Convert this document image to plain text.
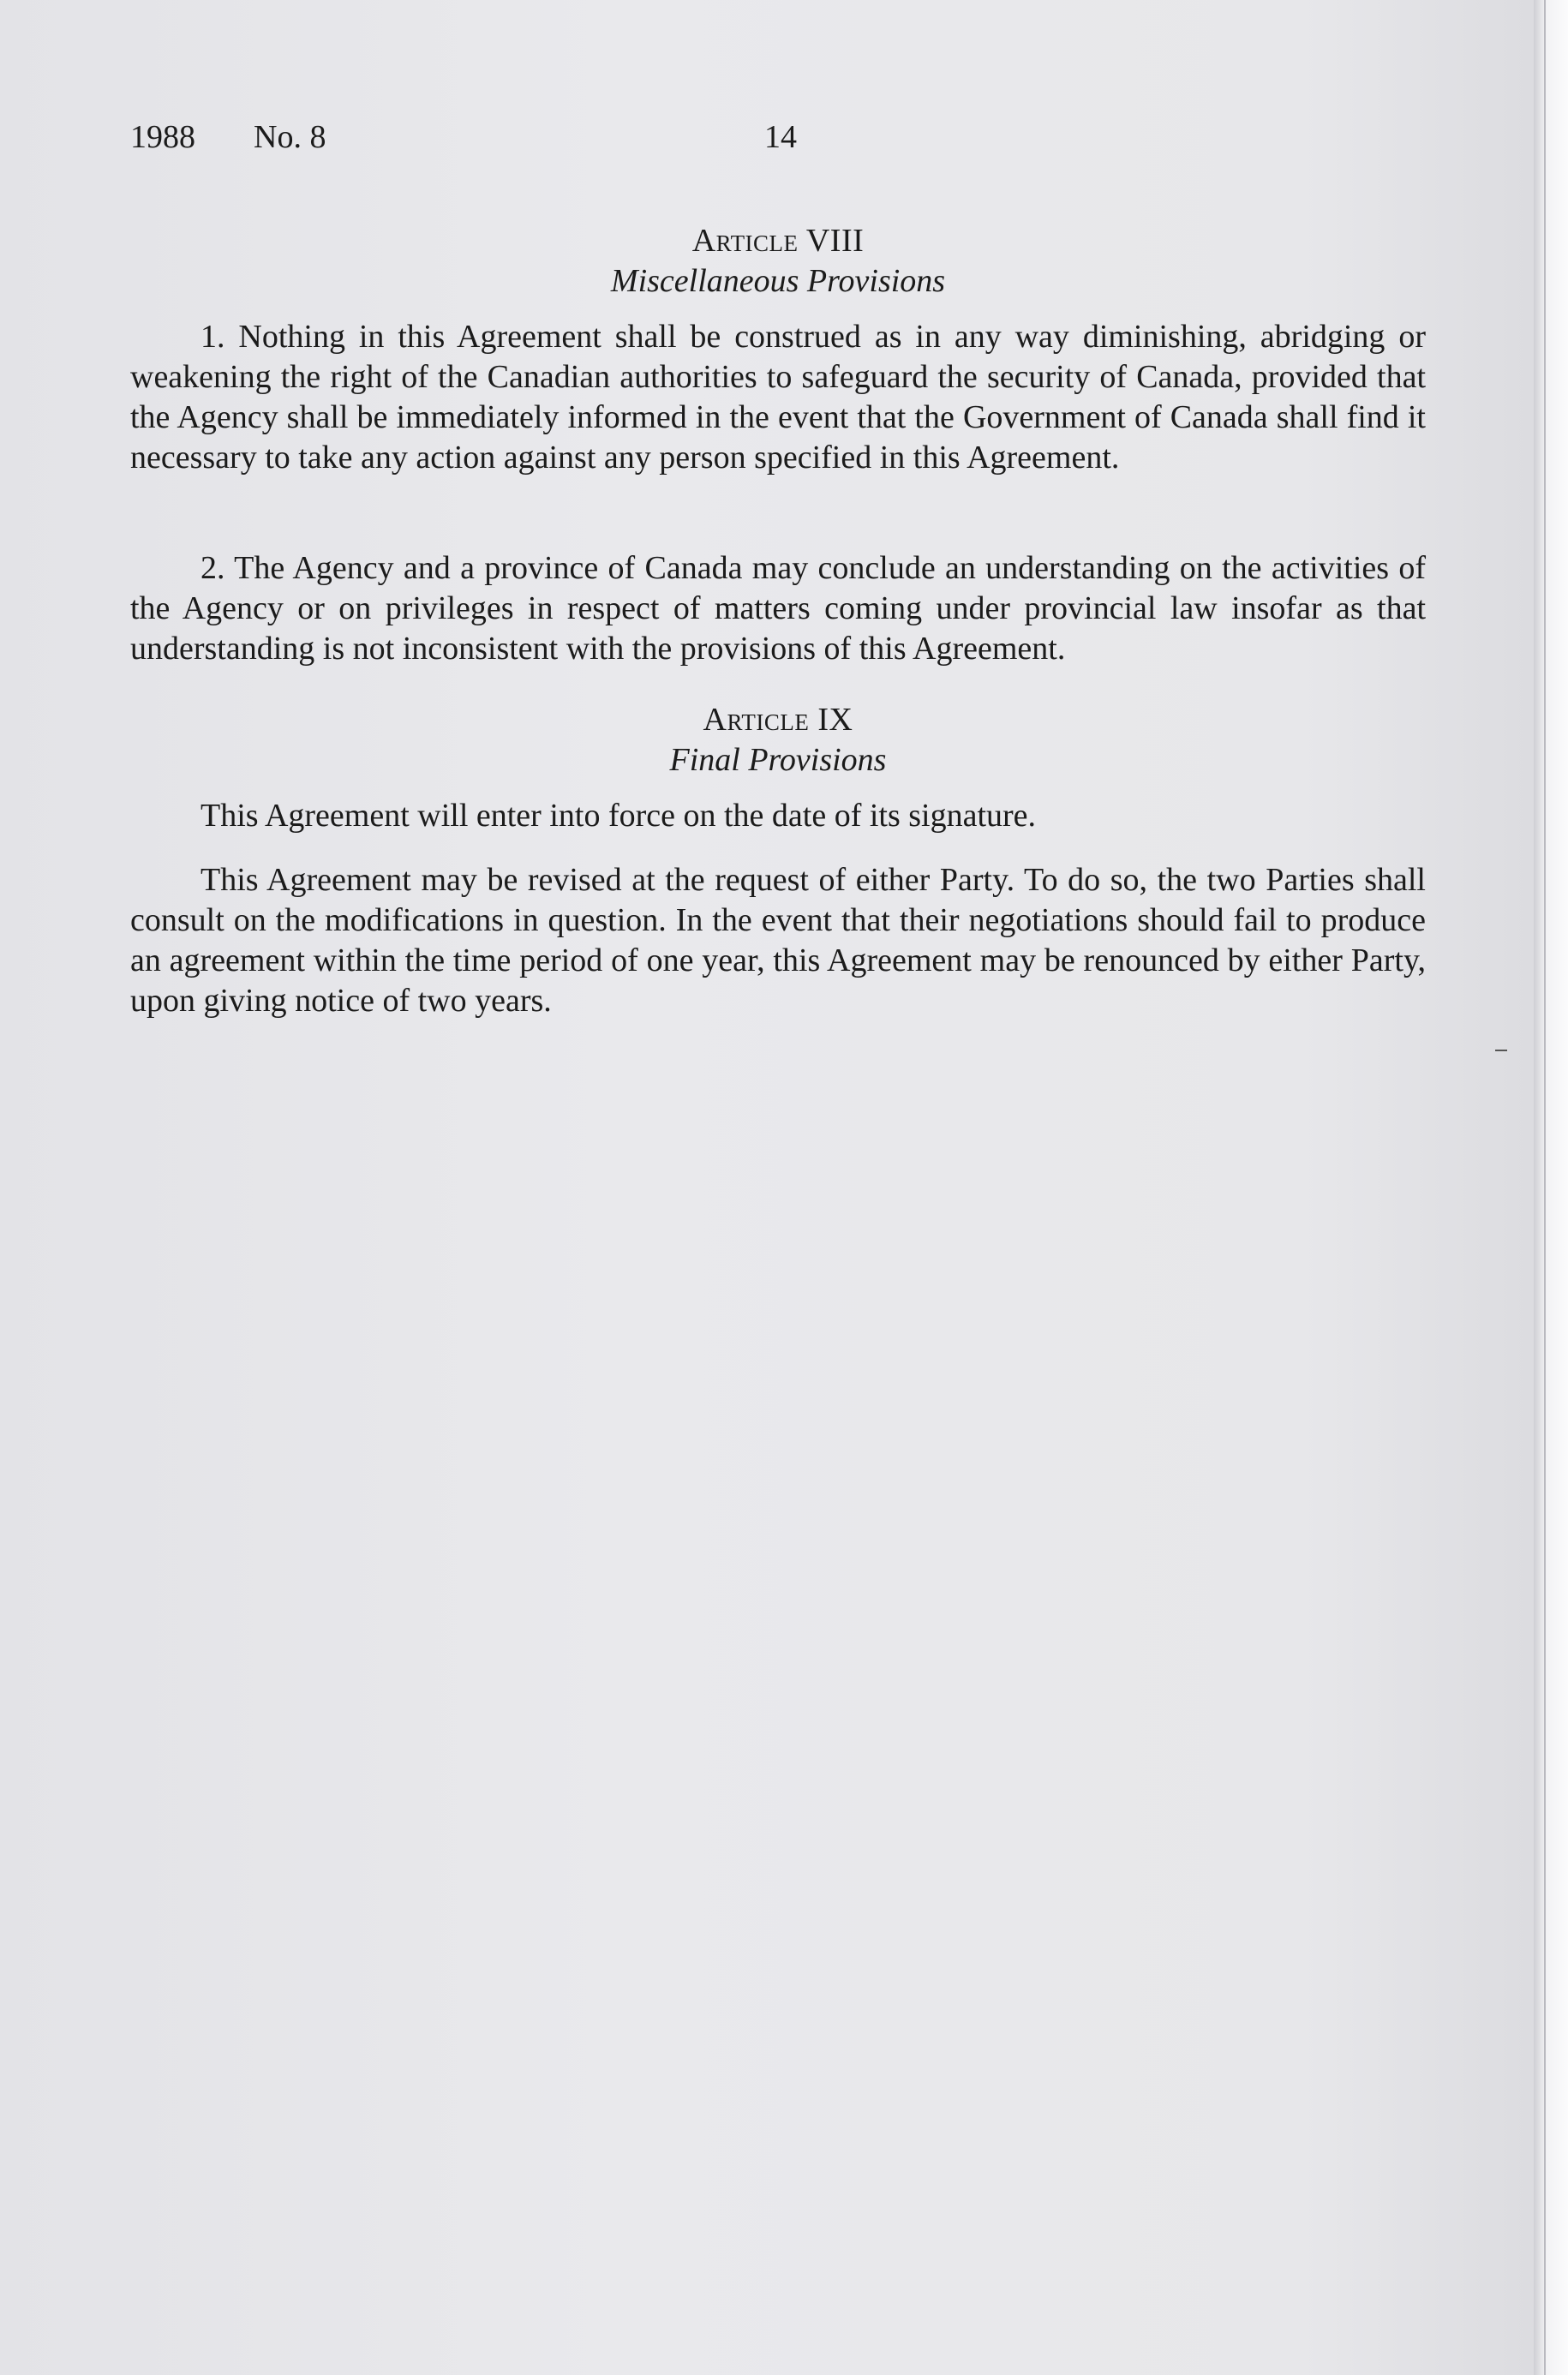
1988 No. 8	14
Article VIII
Miscellaneous Provisions

1. Nothing in this Agreement shall be construed as in any way diminishing, abridging or weakening the right of the Canadian authorities to safeguard the security of Canada, provided that the Agency shall be immediately informed in the event that the Government of Canada shall find it necessary to take any action against any person specified in this Agreement.

2. The Agency and a province of Canada may conclude an understanding on the activities of the Agency or on privileges in respect of matters coming under provincial law insofar as that understanding is not inconsistent with the provisions of this Agreement.

Article IX
Final Provisions

This Agreement will enter into force on the date of its signature.

This Agreement may be revised at the request of either Party. To do so, the two Parties shall consult on the modifications in question. In the event that their negotiations should fail to produce an agreement within the time period of one year, this Agreement may be renounced by either Party, upon giving notice of two years.
